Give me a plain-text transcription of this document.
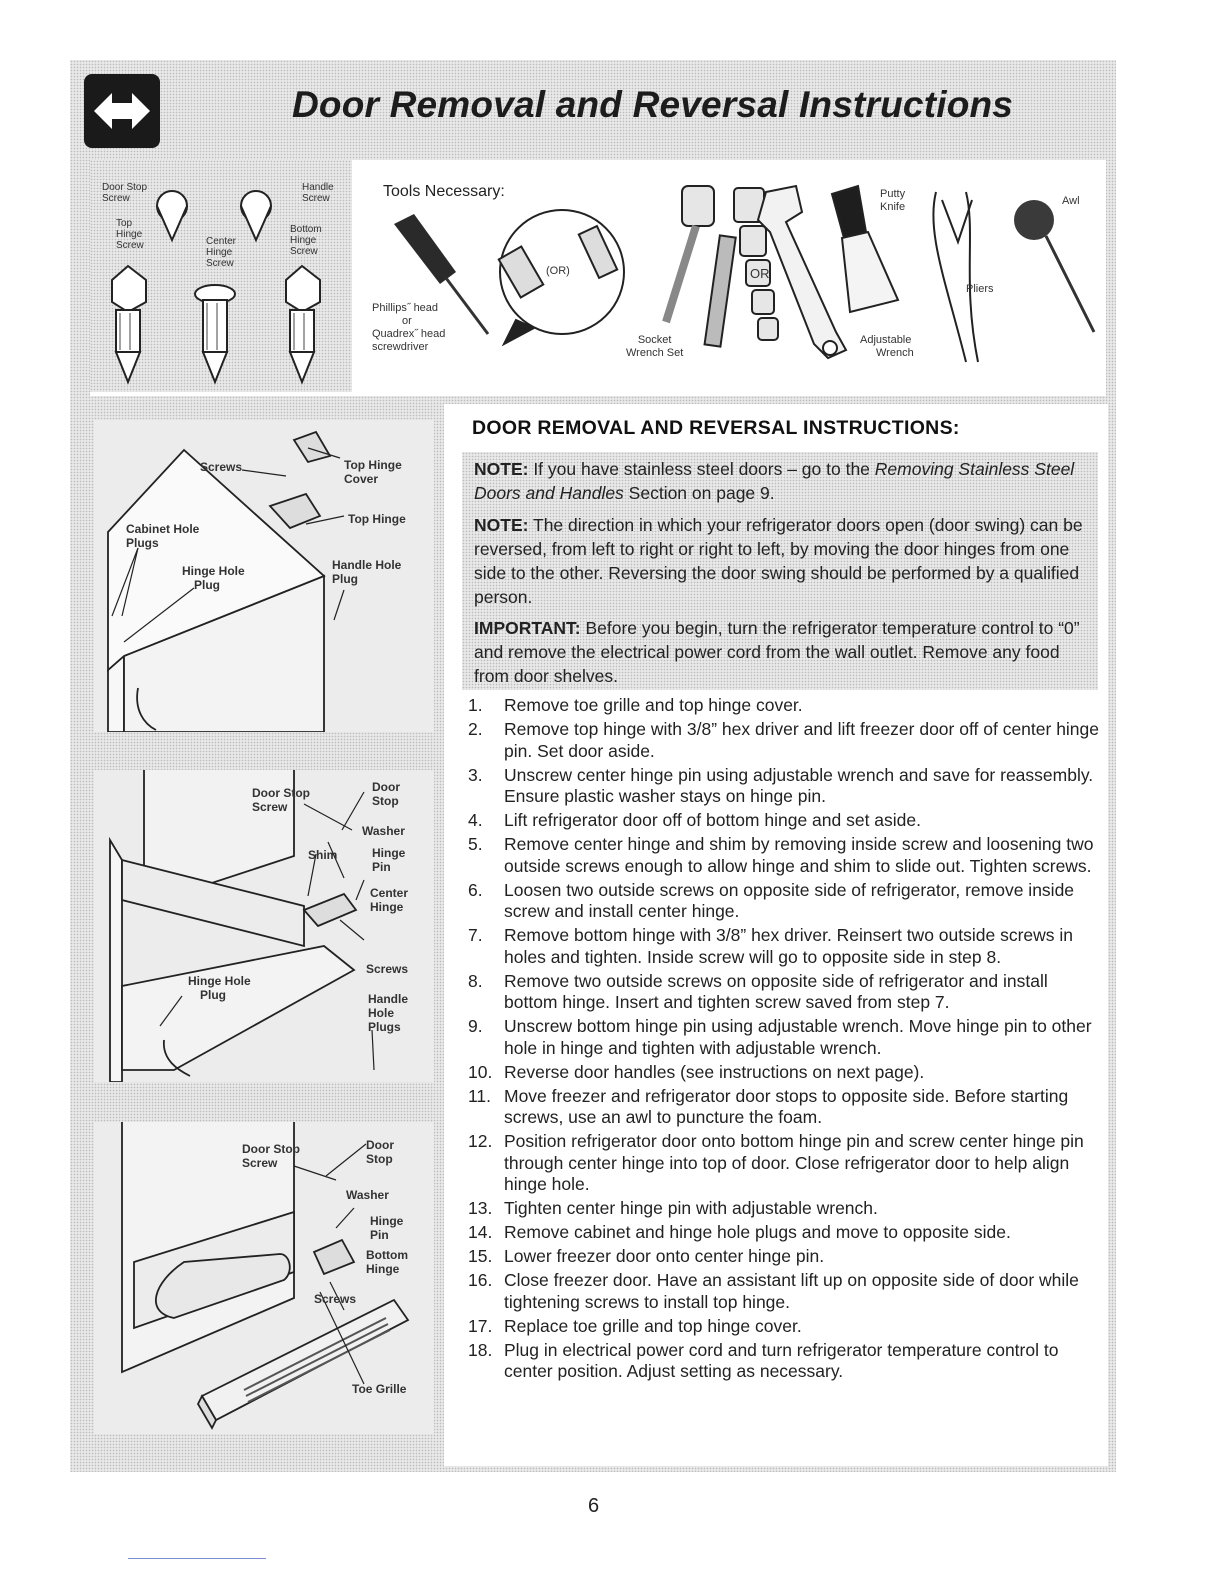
Door Removal and Reversal Instructions
Door Stop
Screw
Handle
Screw
Top
Hinge
Screw	Center
Hinge
Screw
Bottom
Hinge
Screw
Tools Necessary:
Phillips˝ head
or
Quadrex˝ head
screwdriver
(OR)
Socket
Wrench Set
OR
Adjustable
Wrench
Putty
Knife
Pliers
Awl
Screws	Top Hinge
Cover
Top Hinge
Cabinet Hole
Plugs
Hinge Hole
Plug
Handle Hole
Plug
Door Stop
Screw
Door
Stop
Washer
Shim	Hinge
Pin
Center
Hinge
Screws
Hinge Hole
Plug	Handle
Hole
Plugs
Door Stop
Screw
Door
Stop
Washer
Hinge
Pin
Bottom
Hinge
Screws
Toe Grille
DOOR REMOVAL AND REVERSAL INSTRUCTIONS:
NOTE: If you have stainless steel doors – go to the Removing Stainless Steel Doors and Handles Section on page 9.
NOTE: The direction in which your refrigerator doors open (door swing) can be reversed, from left to right or right to left, by moving the door hinges from one side to the other. Reversing the door swing should be performed by a qualified person.
IMPORTANT: Before you begin, turn the refrigerator temperature control to “0” and remove the electrical power cord from the wall outlet. Remove any food from door shelves.
1. Remove toe grille and top hinge cover.
2. Remove top hinge with 3/8” hex driver and lift freezer door off of center hinge pin. Set door aside.
3. Unscrew center hinge pin using adjustable wrench and save for reassembly. Ensure plastic washer stays on hinge pin.
4. Lift refrigerator door off of bottom hinge and set aside.
5. Remove center hinge and shim by removing inside screw and loosening two outside screws enough to allow hinge and shim to slide out. Tighten screws.
6. Loosen two outside screws on opposite side of refrigerator, remove inside screw and install center hinge.
7. Remove bottom hinge with 3/8” hex driver. Reinsert two outside screws in holes and tighten. Inside screw will go to opposite side in step 8.
8. Remove two outside screws on opposite side of refrigerator and install bottom hinge. Insert and tighten screw saved from step 7.
9. Unscrew bottom hinge pin using adjustable wrench. Move hinge pin to other hole in hinge and tighten with adjustable wrench.
10. Reverse door handles (see instructions on next page).
11. Move freezer and refrigerator door stops to opposite side. Before starting screws, use an awl to puncture the foam.
12. Position refrigerator door onto bottom hinge pin and screw center hinge pin through center hinge into top of door. Close refrigerator door to help align hinge hole.
13. Tighten center hinge pin with adjustable wrench.
14. Remove cabinet and hinge hole plugs and move to opposite side.
15. Lower freezer door onto center hinge pin.
16. Close freezer door. Have an assistant lift up on opposite side of door while tightening screws to install top hinge.
17. Replace toe grille and top hinge cover.
18. Plug in electrical power cord and turn refrigerator temperature control to center position. Adjust setting as necessary.
6
